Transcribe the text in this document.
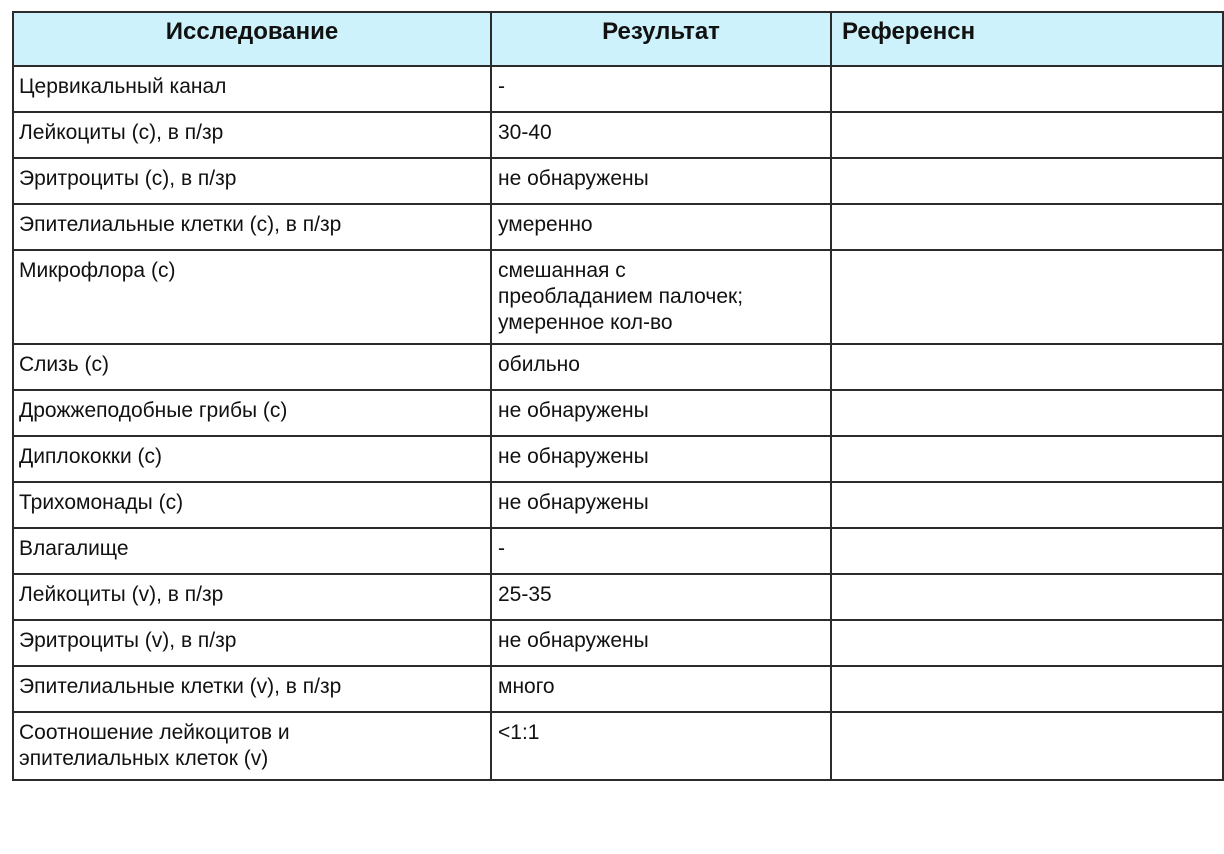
Исследование	Результат	Референсн

Цервикальный канал	-	

Лейкоциты (с), в п/зр	30-40	

Эритроциты (с), в п/зр	не обнаружены	

Эпителиальные клетки (с), в п/зр	умеренно	

Микрофлора (с)	смешанная с
преобладанием палочек;
умеренное кол-во	

Слизь (с)	обильно	

Дрожжеподобные грибы (с)	не обнаружены	

Диплококки (с)	не обнаружены	

Трихомонады (с)	не обнаружены	

Влагалище	-	

Лейкоциты (v), в п/зр	25-35	

Эритроциты (v), в п/зр	не обнаружены	

Эпителиальные клетки (v), в п/зр	много	

Соотношение лейкоцитов и
эпителиальных клеток (v)	<1:1	
